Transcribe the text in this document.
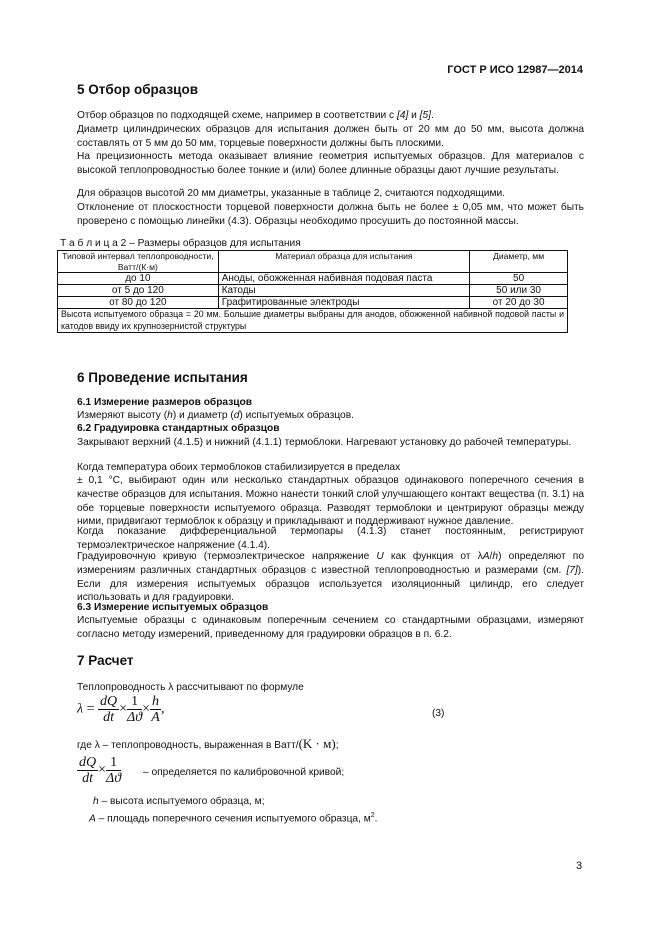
ГОСТ Р ИСО 12987—2014
5 Отбор образцов

Отбор образцов по подходящей схеме, например в соответствии с [4] и [5].

Диаметр цилиндрических образцов для испытания должен быть от 20 мм до 50 мм, высота должна составлять от 5 мм до 50 мм, торцевые поверхности должны быть плоскими.

На прецизионность метода оказывает влияние геометрия испытуемых образцов. Для материалов с высокой теплопроводностью более тонкие и (или) более длинные образцы дают лучшие результаты.

Для образцов высотой 20 мм диаметры, указанные в таблице 2, считаются подходящими.

Отклонение от плоскостности торцевой поверхности должна быть не более ± 0,05 мм, что может быть проверено с помощью линейки (4.3). Образцы необходимо просушить до постоянной массы.

Т а б л и ц а 2 – Размеры образцов для испытания
Типовой интервал теплопроводности, Ватт/(К·м)	Материал образца для испытания	Диаметр, мм
до 10	Аноды, обожженная набивная подовая паста	50
от 5 до 120	Катоды	50 или 30
от 80 до 120	Графитированные электроды	от 20 до 30
Высота испытуемого образца = 20 мм. Большие диаметры выбраны для анодов, обожженной набивной подовой пасты и катодов ввиду их крупнозернистой структуры		
6 Проведение испытания
6.1 Измерение размеров образцов

Измеряют высоту (h) и диаметр (d) испытуемых образцов.

6.2 Градуировка стандартных образцов

Закрывают верхний (4.1.5) и нижний (4.1.1) термоблоки. Нагревают установку до рабочей температуры.

Когда температура обоих термоблоков стабилизируется в пределах

± 0,1 °С, выбирают один или несколько стандартных образцов одинакового поперечного сечения в качестве образцов для испытания. Можно нанести тонкий слой улучшающего контакт вещества (п. 3.1) на обе торцевые поверхности испытуемого образца. Разводят термоблоки и центрируют образцы между ними, придвигают термоблок к образцу и прикладывают и поддерживают нужное давление.

Когда показание дифференциальной термопары (4.1.3) станет постоянным, регистрируют термоэлектрическое напряжение (4.1.4).

Градуировочную кривую (термоэлектрическое напряжение U как функция от λA/h) определяют по измерениям различных стандартных образцов с известной теплопроводностью и размерами (см. [7]). Если для измерения испытуемых образцов используется изоляционный цилиндр, его следует использовать и для градуировки.

6.3 Измерение испытуемых образцов

Испытуемые образцы с одинаковым поперечным сечением со стандартными образцами, измеряют согласно методу измерений, приведенному для градуировки образцов в п. 6.2.

7 Расчет

Теплопроводность λ рассчитывают по формуле

$\lambda = \frac{dQ}{dt} \times \frac{1}{\Delta ϑ} \times \frac{h}{A}$ ,	(3)

где λ – теплопроводность, выраженная в Ватт/(K · м);

$\frac{dQ}{dt} \times \frac{1}{\Delta ϑ}$ – определяется по калибровочной кривой;

h – высота испытуемого образца, м;

A – площадь поперечного сечения испытуемого образца, $м^2$.

3
